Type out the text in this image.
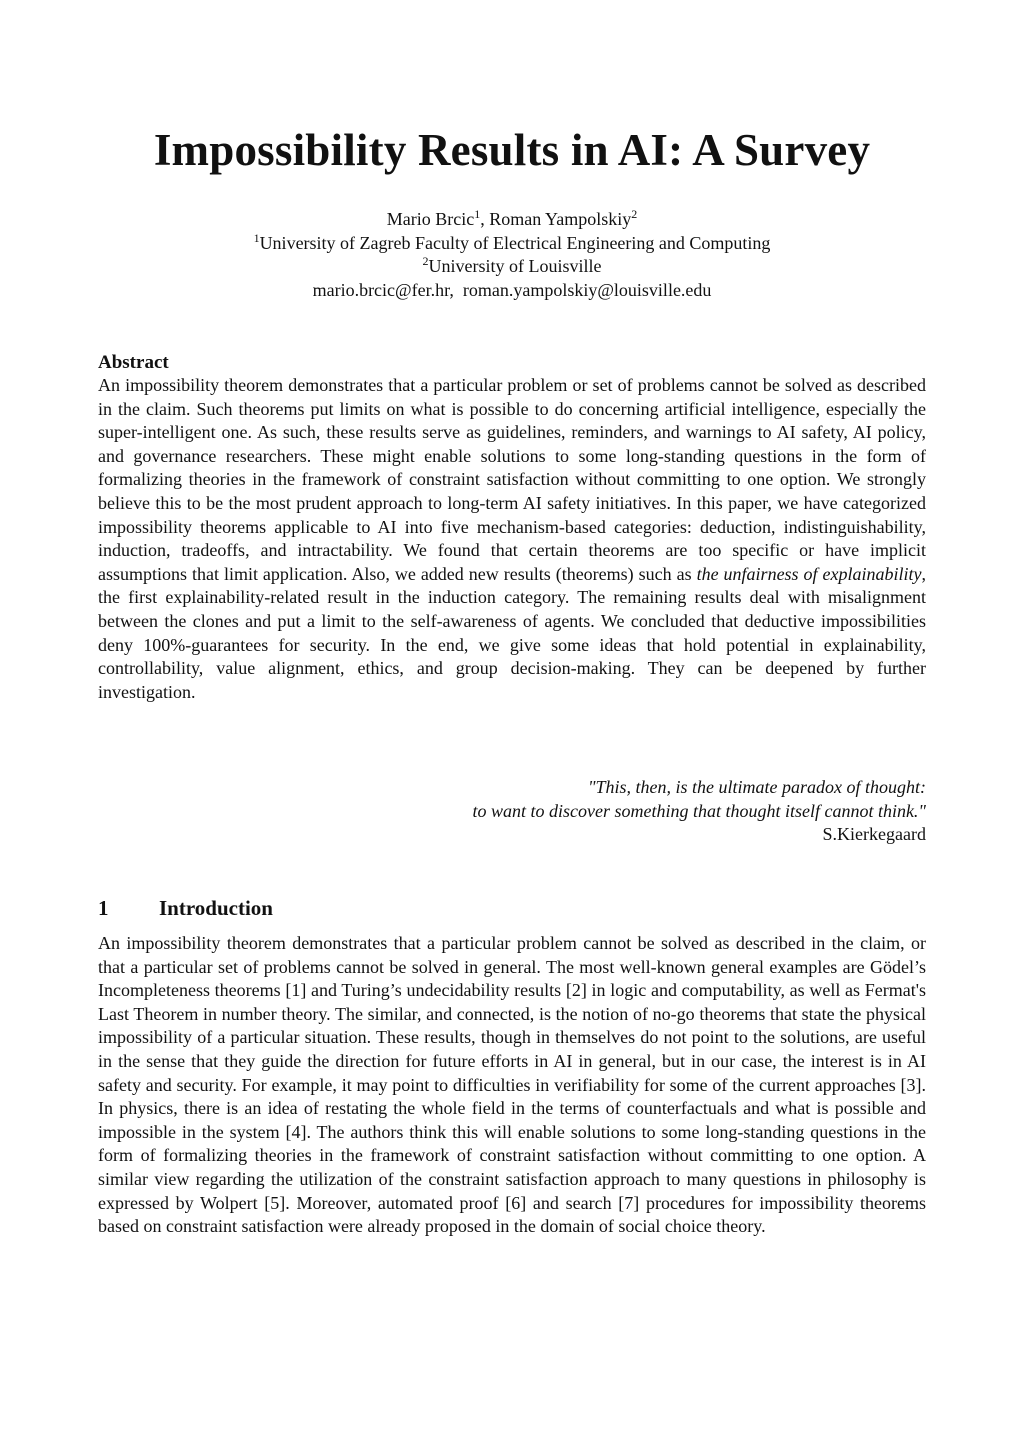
Impossibility Results in AI: A Survey
Mario Brcic$^1$, Roman Yampolskiy$^2$
$^1$University of Zagreb Faculty of Electrical Engineering and Computing
$^2$University of Louisville
mario.brcic@fer.hr,  roman.yampolskiy@louisville.edu
Abstract

An impossibility theorem demonstrates that a particular problem or set of problems cannot be solved as described in the claim. Such theorems put limits on what is possible to do concerning artificial intelligence, especially the super-intelligent one. As such, these results serve as guidelines, reminders, and warnings to AI safety, AI policy, and governance researchers. These might enable solutions to some long-standing questions in the form of formalizing theories in the framework of constraint satisfaction without committing to one option. We strongly believe this to be the most prudent approach to long-term AI safety initiatives. In this paper, we have categorized impossibility theorems applicable to AI into five mechanism-based categories: deduction, indistinguishability, induction, tradeoffs, and intractability. We found that certain theorems are too specific or have implicit assumptions that limit application. Also, we added new results (theorems) such as the unfairness of explainability, the first explainability-related result in the induction category. The remaining results deal with misalignment between the clones and put a limit to the self-awareness of agents. We concluded that deductive impossibilities deny 100%-guarantees for security. In the end, we give some ideas that hold potential in explainability, controllability, value alignment, ethics, and group decision-making. They can be deepened by further investigation.

"This, then, is the ultimate paradox of thought:
to want to discover something that thought itself cannot think."
S.Kierkegaard
1 Introduction

An impossibility theorem demonstrates that a particular problem cannot be solved as described in the claim, or that a particular set of problems cannot be solved in general. The most well-known general examples are Gödel’s Incompleteness theorems [1] and Turing’s undecidability results [2] in logic and computability, as well as Fermat's Last Theorem in number theory. The similar, and connected, is the notion of no-go theorems that state the physical impossibility of a particular situation. These results, though in themselves do not point to the solutions, are useful in the sense that they guide the direction for future efforts in AI in general, but in our case, the interest is in AI safety and security. For example, it may point to difficulties in verifiability for some of the current approaches [3]. In physics, there is an idea of restating the whole field in the terms of counterfactuals and what is possible and impossible in the system [4]. The authors think this will enable solutions to some long-standing questions in the form of formalizing theories in the framework of constraint satisfaction without committing to one option. A similar view regarding the utilization of the constraint satisfaction approach to many questions in philosophy is expressed by Wolpert [5]. Moreover, automated proof [6] and search [7] procedures for impossibility theorems based on constraint satisfaction were already proposed in the domain of social choice theory.
